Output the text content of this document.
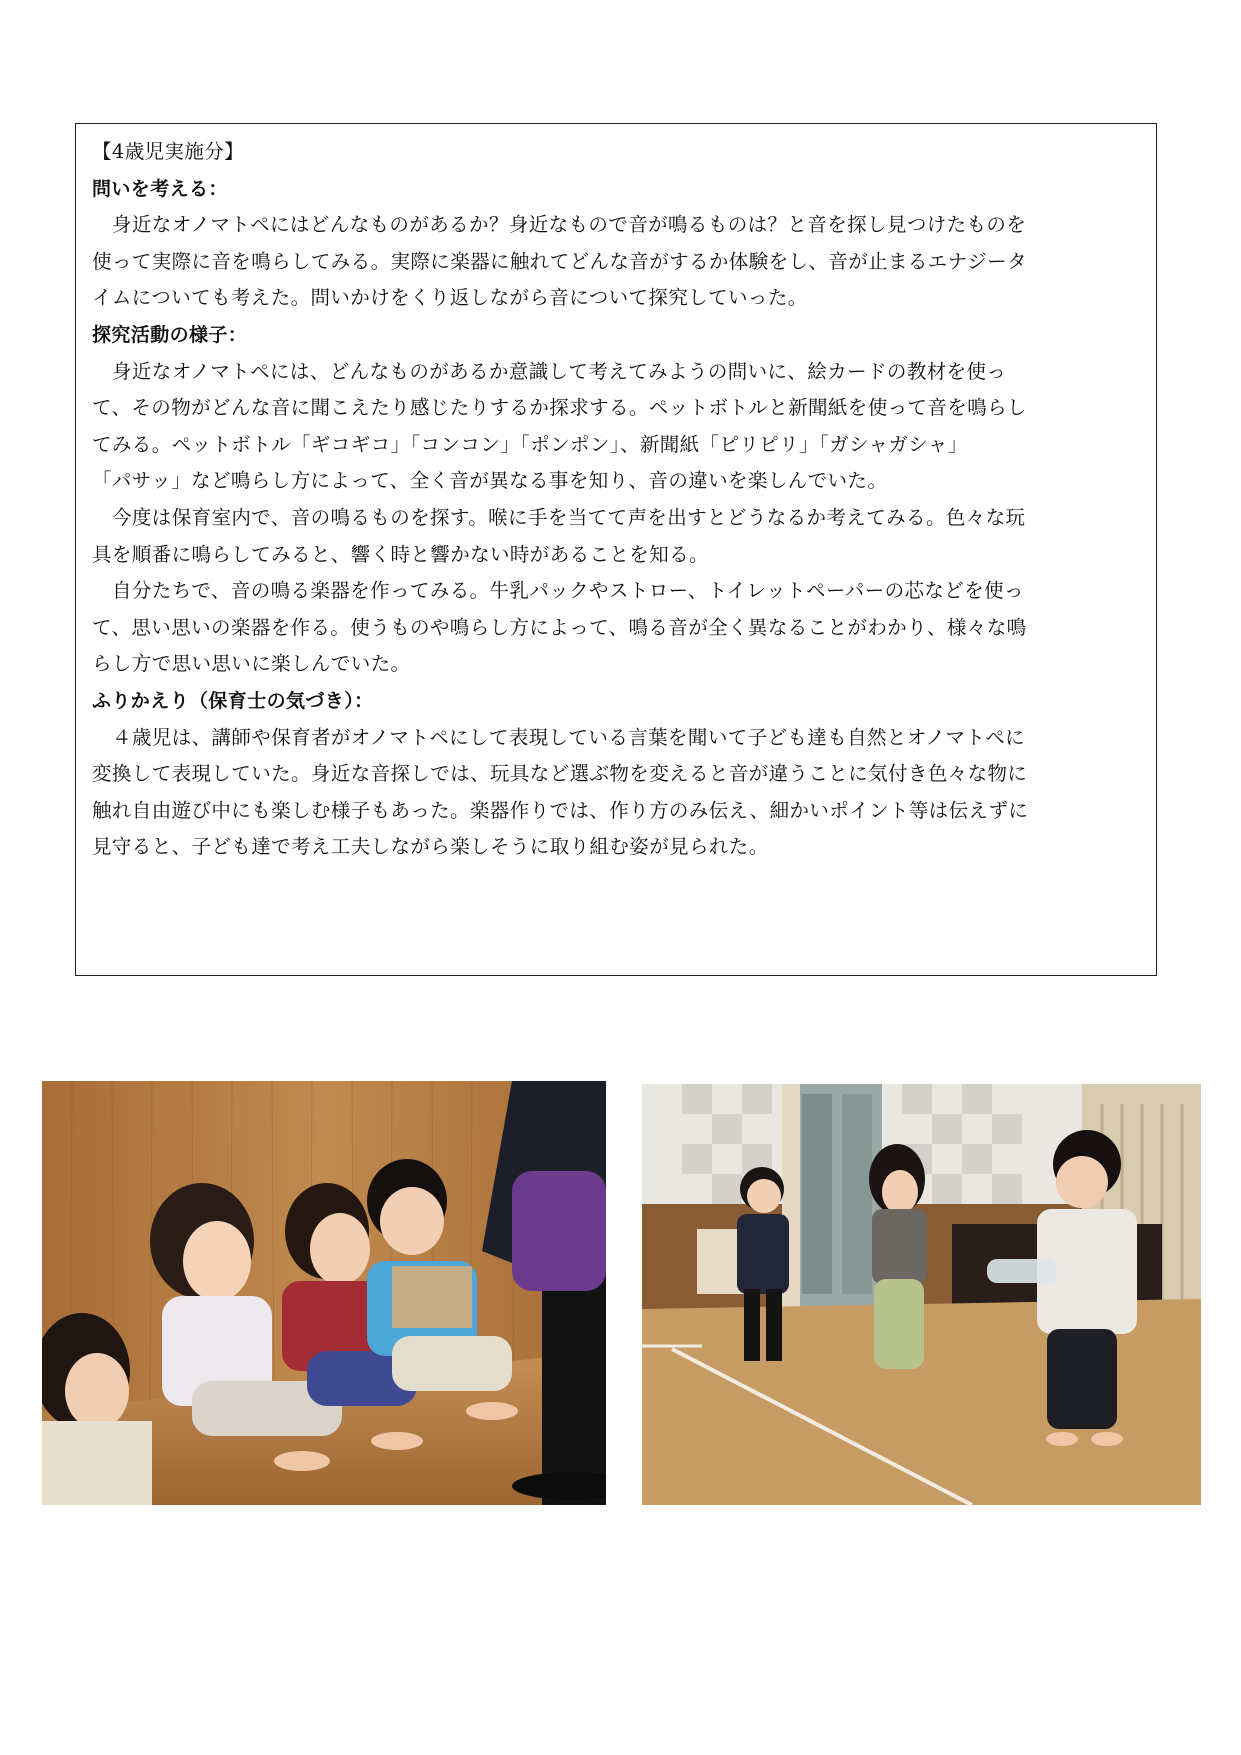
【4歳児実施分】
問いを考える：
身近なオノマトペにはどんなものがあるか？身近なもので音が鳴るものは？と音を探し見つけたものを
使って実際に音を鳴らしてみる。実際に楽器に触れてどんな音がするか体験をし、音が止まるエナジータ
イムについても考えた。問いかけをくり返しながら音について探究していった。
探究活動の様子：
身近なオノマトペには、どんなものがあるか意識して考えてみようの問いに、絵カードの教材を使っ
て、その物がどんな音に聞こえたり感じたりするか探求する。ペットボトルと新聞紙を使って音を鳴らし
てみる。ペットボトル「ギコギコ」「コンコン」「ポンポン」、新聞紙「ピリピリ」「ガシャガシャ」
「パサッ」など鳴らし方によって、全く音が異なる事を知り、音の違いを楽しんでいた。
今度は保育室内で、音の鳴るものを探す。喉に手を当てて声を出すとどうなるか考えてみる。色々な玩
具を順番に鳴らしてみると、響く時と響かない時があることを知る。
自分たちで、音の鳴る楽器を作ってみる。牛乳パックやストロー、トイレットペーパーの芯などを使っ
て、思い思いの楽器を作る。使うものや鳴らし方によって、鳴る音が全く異なることがわかり、様々な鳴
らし方で思い思いに楽しんでいた。
ふりかえり（保育士の気づき）：
４歳児は、講師や保育者がオノマトペにして表現している言葉を聞いて子ども達も自然とオノマトペに
変換して表現していた。身近な音探しでは、玩具など選ぶ物を変えると音が違うことに気付き色々な物に
触れ自由遊び中にも楽しむ様子もあった。楽器作りでは、作り方のみ伝え、細かいポイント等は伝えずに
見守ると、子ども達で考え工夫しながら楽しそうに取り組む姿が見られた。
